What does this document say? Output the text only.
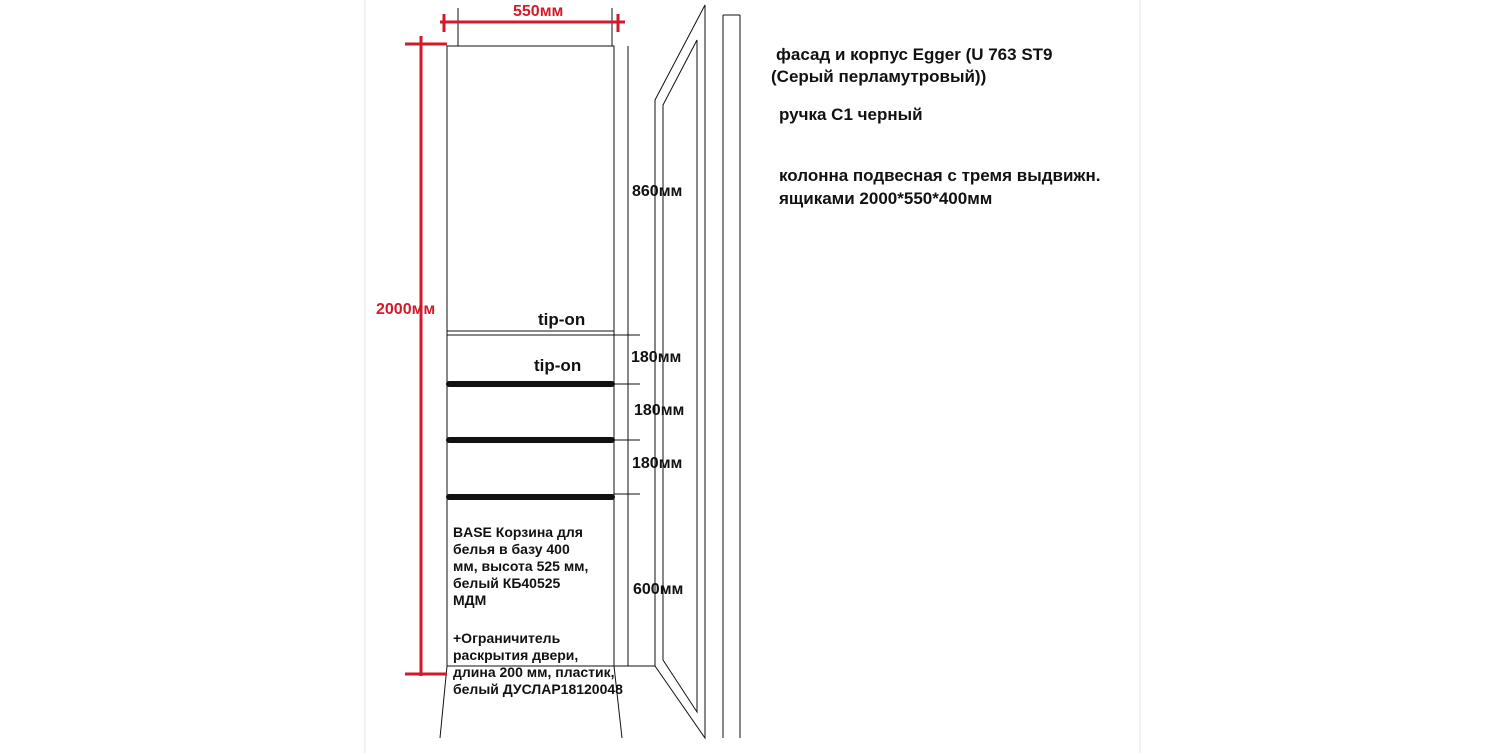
550мм
2000мм
860мм
180мм
180мм
180мм
600мм
tip-on
tip-on
BASE Корзина для
белья в базу 400
мм, высота 525 мм,
белый КБ40525
МДМ
+Ограничитель
раскрытия двери,
длина 200 мм, пластик,
белый ДУСЛАР18120048
фасад и корпус Egger (U 763 ST9
(Серый перламутровый))
ручка С1 черный
колонна подвесная с тремя выдвижн.
ящиками 2000*550*400мм
